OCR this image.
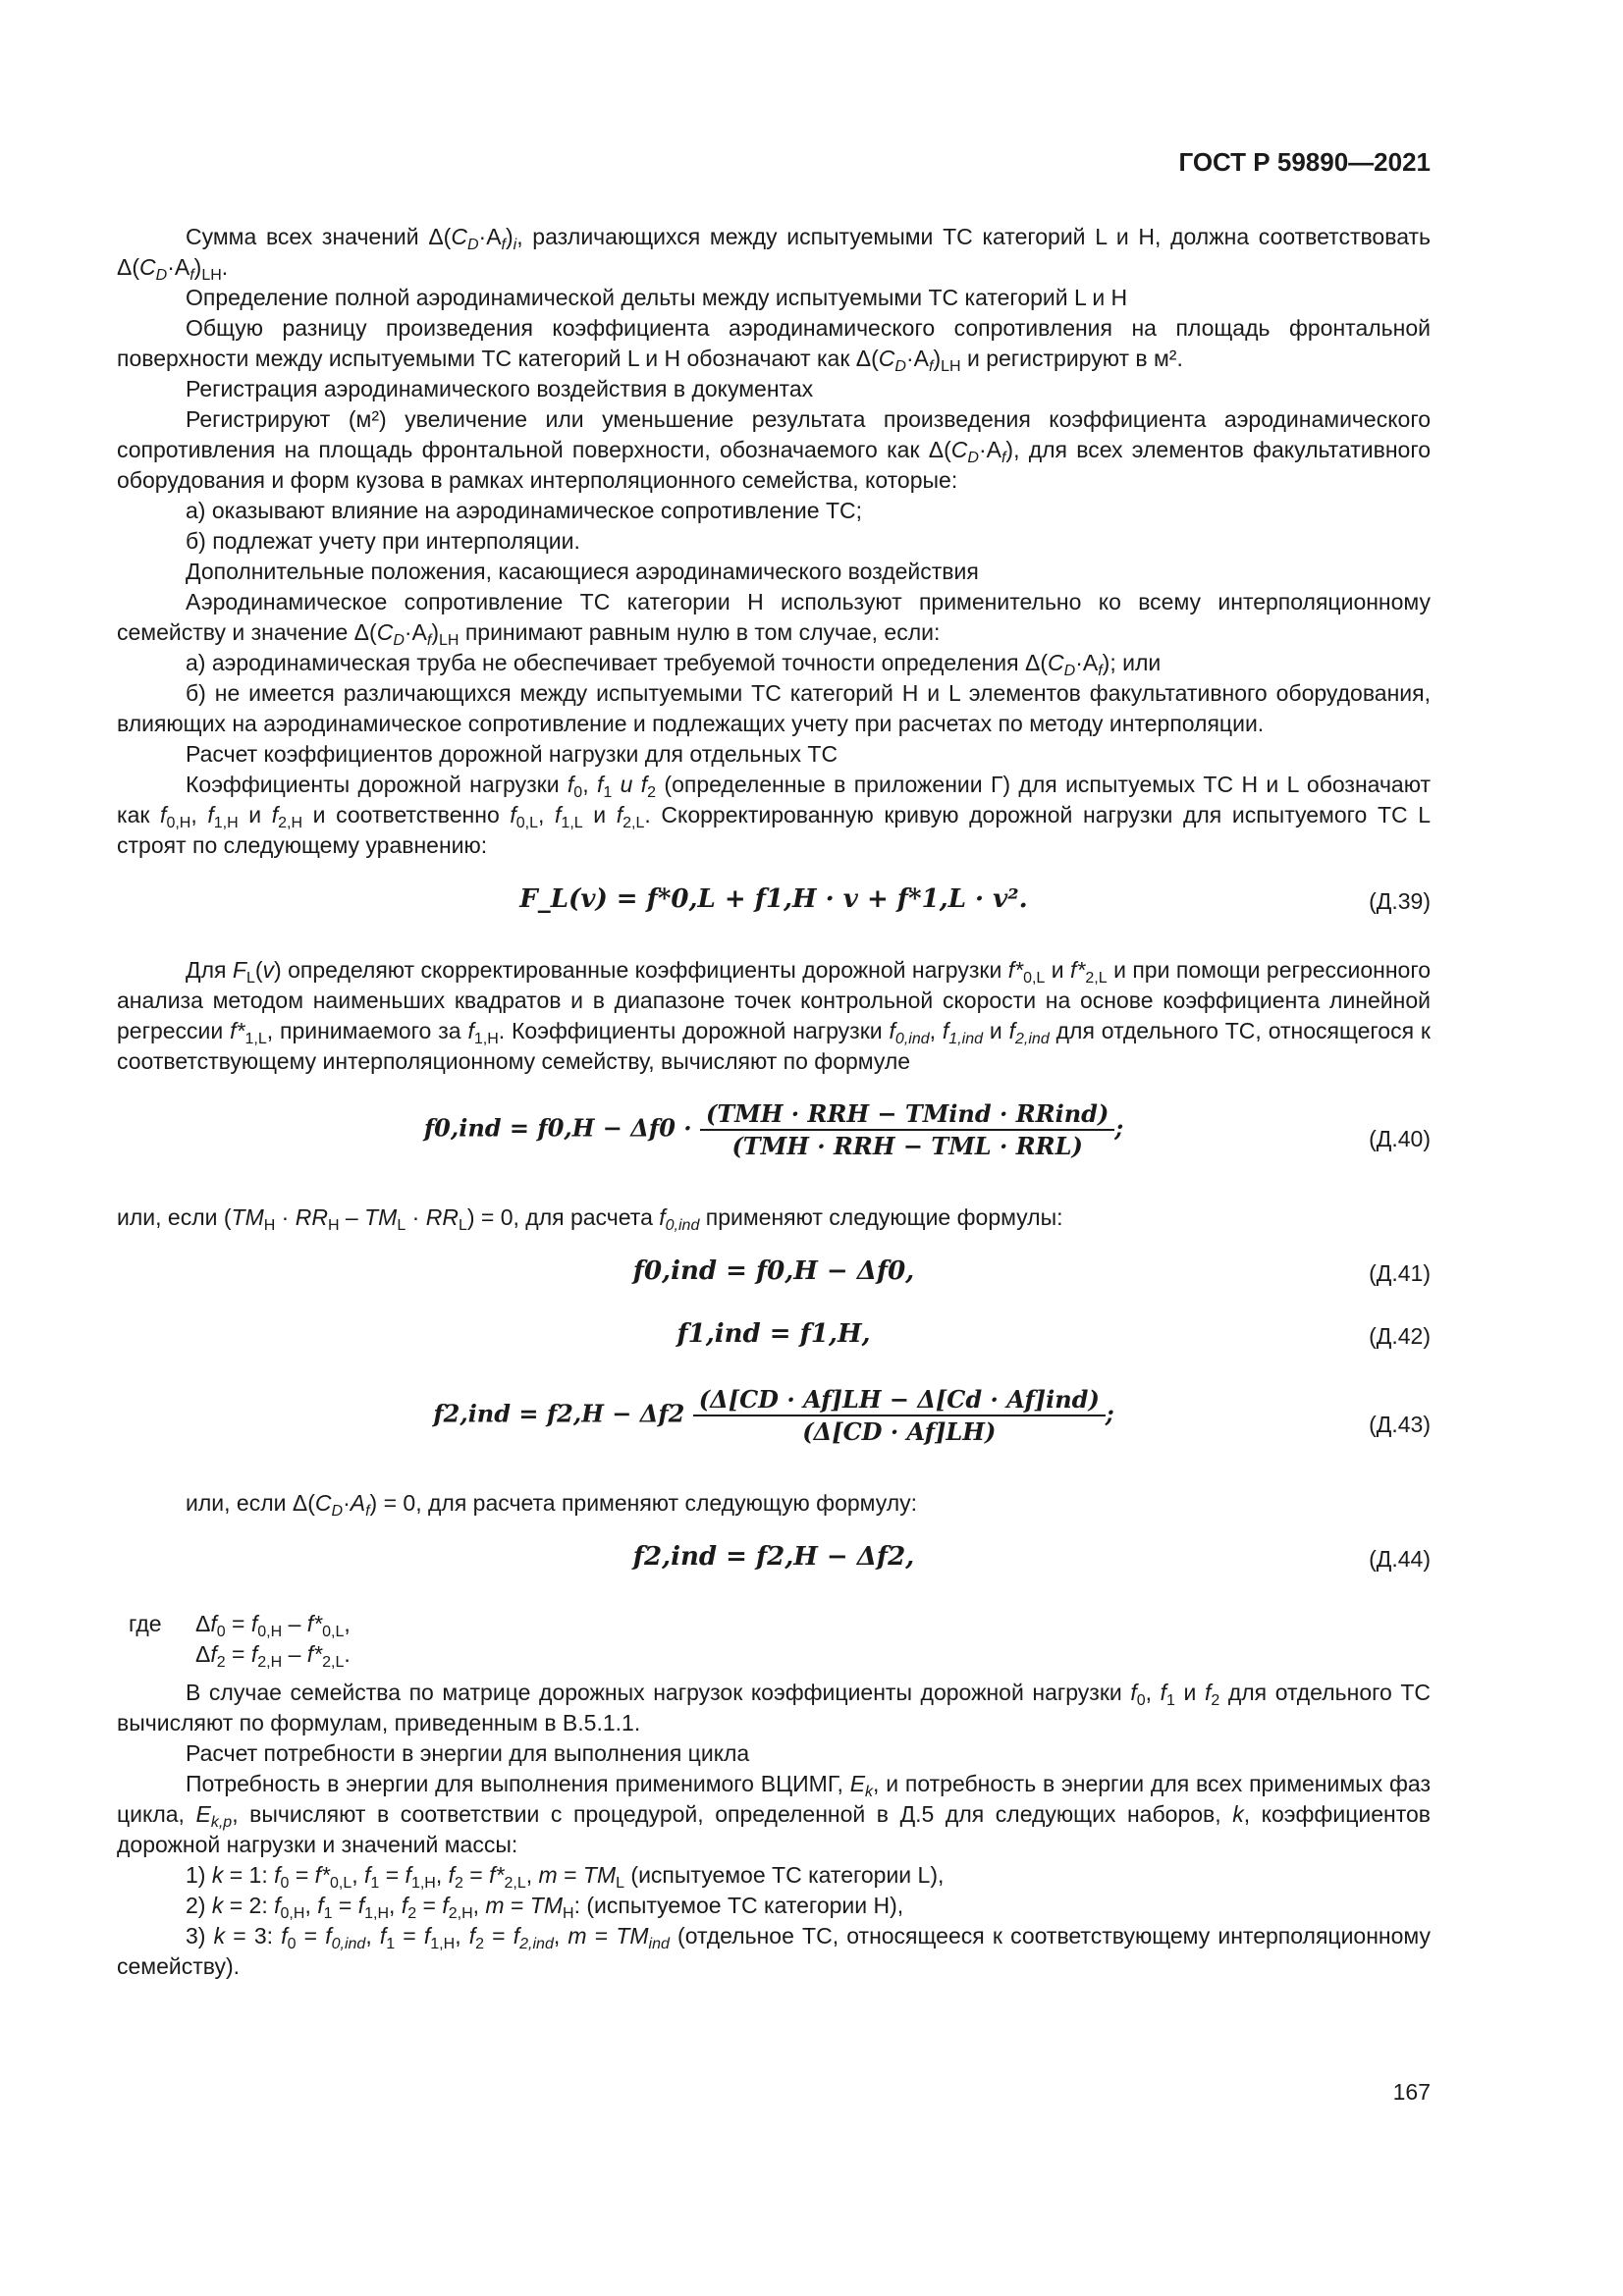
ГОСТ Р 59890—2021

Сумма всех значений $\Delta(C_D\cdot A_f)_i$, различающихся между испытуемыми ТС категорий L и H, должна соответствовать $\Delta(C_D\cdot A_f)_{LH}$.

Определение полной аэродинамической дельты между испытуемыми ТС категорий L и H

Общую разницу произведения коэффициента аэродинамического сопротивления на площадь фронтальной поверхности между испытуемыми ТС категорий L и H обозначают как $\Delta(C_D\cdot A_f)_{LH}$ и регистрируют в м².

Регистрация аэродинамического воздействия в документах

Регистрируют (м²) увеличение или уменьшение результата произведения коэффициента аэродинамического сопротивления на площадь фронтальной поверхности, обозначаемого как $\Delta(C_D\cdot A_f)$, для всех элементов факультативного оборудования и форм кузова в рамках интерполяционного семейства, которые:

а) оказывают влияние на аэродинамическое сопротивление ТС;

б) подлежат учету при интерполяции.

Дополнительные положения, касающиеся аэродинамического воздействия

Аэродинамическое сопротивление ТС категории H используют применительно ко всему интерполяционному семейству и значение $\Delta(C_D\cdot A_f)_{LH}$ принимают равным нулю в том случае, если:

а) аэродинамическая труба не обеспечивает требуемой точности определения $\Delta(C_D\cdot A_f)$; или

б) не имеется различающихся между испытуемыми ТС категорий H и L элементов факультативного оборудования, влияющих на аэродинамическое сопротивление и подлежащих учету при расчетах по методу интерполяции.

Расчет коэффициентов дорожной нагрузки для отдельных ТС

Коэффициенты дорожной нагрузки $f_0$, $f_1$ и $f_2$ (определенные в приложении Г) для испытуемых ТС H и L обозначают как $f_{0,H}$, $f_{1,H}$ и $f_{2,H}$ и соответственно $f_{0,L}$, $f_{1,L}$ и $f_{2,L}$. Скорректированную кривую дорожной нагрузки для испытуемого ТС L строят по следующему уравнению:

F_L(v) = f*0,L + f1,H · v + f*1,L · v².	(Д.39)

Для $F_L(v)$ определяют скорректированные коэффициенты дорожной нагрузки $f*_{0,L}$ и $f*_{2,L}$ и при помощи регрессионного анализа методом наименьших квадратов и в диапазоне точек контрольной скорости на основе коэффициента линейной регрессии $f*_{1,L}$, принимаемого за $f_{1,H}$. Коэффициенты дорожной нагрузки $f_{0,ind}$, $f_{1,ind}$ и $f_{2,ind}$ для отдельного ТС, относящегося к соответствующему интерполяционному семейству, вычисляют по формуле

$f0,ind = f0,H - \Delta f0 \cdot \frac{\text{(TMH · RRH − TMind · RRind)}}{\text{(TMH · RRH − TML · RRL)}}$ ;	(Д.40)

или, если $(TM_H \cdot RR_H - TM_L \cdot RR_L) = 0$, для расчета $f_{0,ind}$ применяют следующие формулы:

f0,ind = f0,H − Δf0,	(Д.41)
f1,ind = f1,H,	(Д.42)
$f2,ind = f2,H - \Delta f2 \frac{\text{(Δ[CD · Af]LH − Δ[Cd · Af]ind)}}{(\Delta[CD \cdot Af]LH)}$ ;	(Д.43)

или, если $\Delta(C_D\cdot A_f) = 0$, для расчета применяют следующую формулу:

f2,ind = f2,H − Δf2,	(Д.44)

где $\Delta f_0 = f_{0,H} - f*_{0,L}$,

$\Delta f_2 = f_{2,H} - f*_{2,L}$.

В случае семейства по матрице дорожных нагрузок коэффициенты дорожной нагрузки $f_0$, $f_1$ и $f_2$ для отдельного ТС вычисляют по формулам, приведенным в В.5.1.1.

Расчет потребности в энергии для выполнения цикла

Потребность в энергии для выполнения применимого ВЦИМГ, $E_k$, и потребность в энергии для всех применимых фаз цикла, $E_{k,p}$, вычисляют в соответствии с процедурой, определенной в Д.5 для следующих наборов, k, коэффициентов дорожной нагрузки и значений массы:

1) k = 1: $f_0 = f*_{0,L}$, $f_1 = f_{1,H}$, $f_2 = f*_{2,L}$, $m = TM_L$ (испытуемое ТС категории L),

2) k = 2: $f_{0,H}$, $f_1 = f_{1,H}$, $f_2 = f_{2,H}$, $m = TM_H$: (испытуемое ТС категории H),

3) k = 3: $f_0 = f_{0,ind}$, $f_1 = f_{1,H}$, $f_2 = f_{2,ind}$, $m = TM_{ind}$ (отдельное ТС, относящееся к соответствующему интерполяционному семейству).

167
